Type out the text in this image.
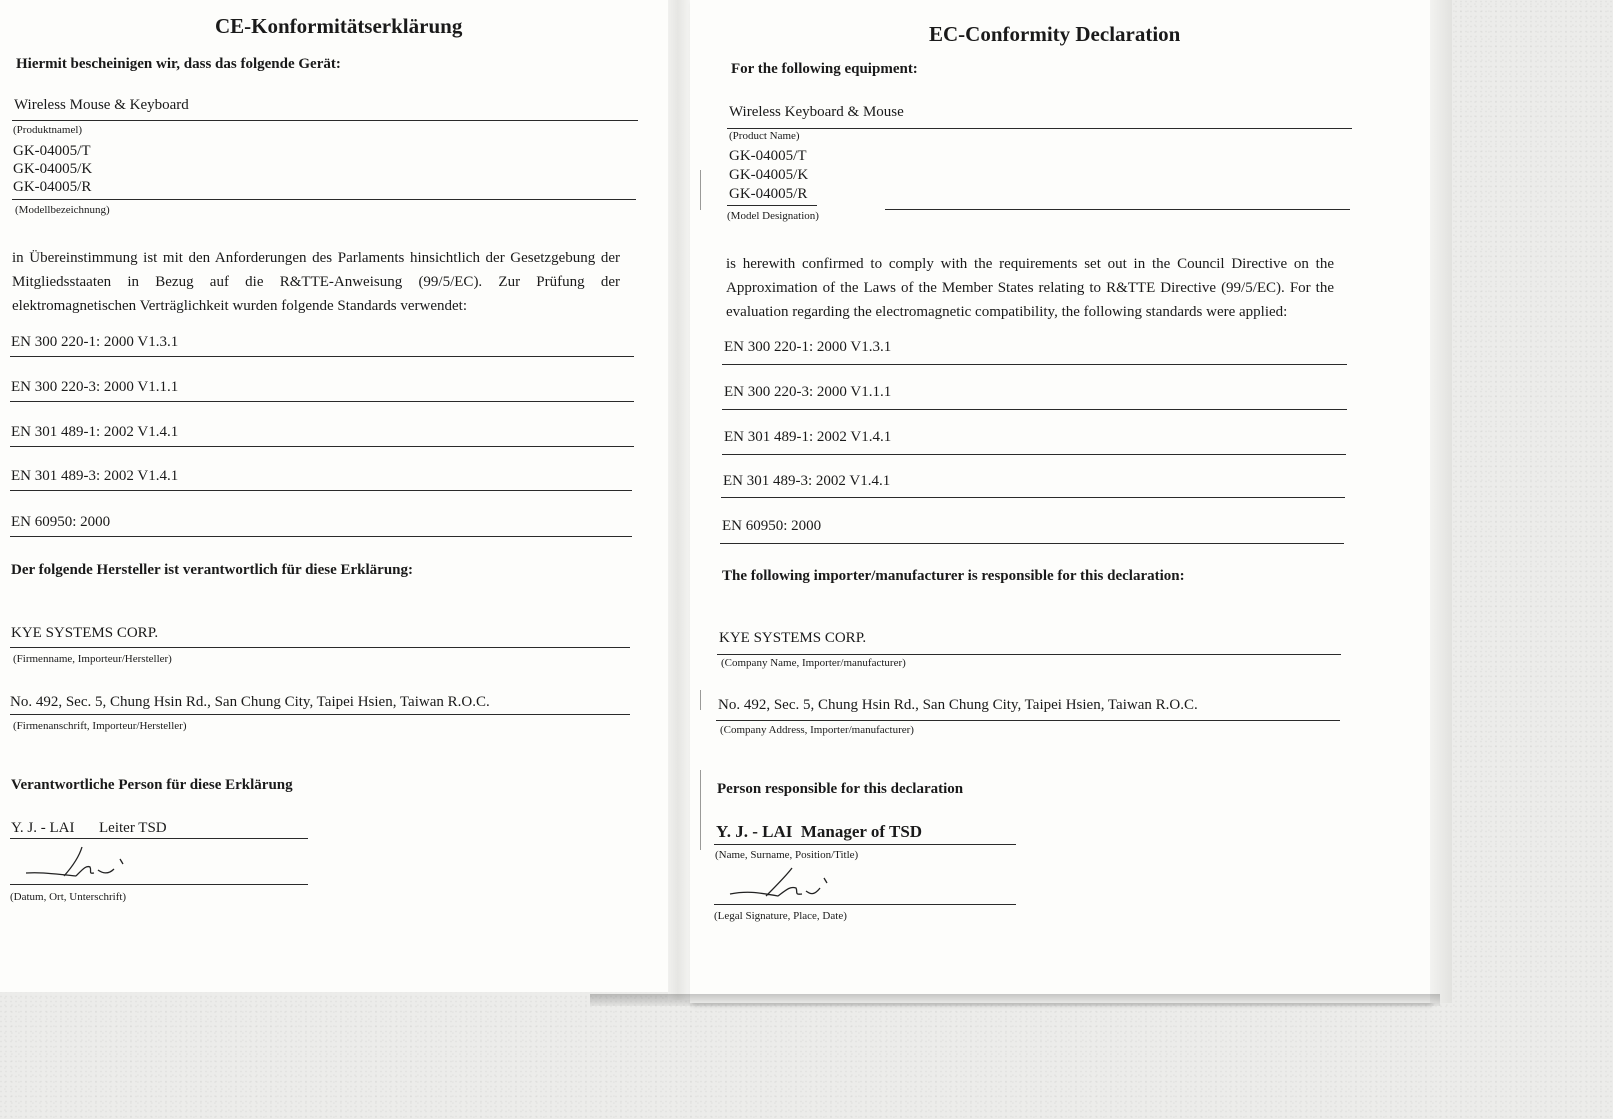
CE-Konformitätserklärung
Hiermit bescheinigen wir, dass das folgende Gerät:
Wireless Mouse & Keyboard
(Produktnamel)
GK-04005/T
GK-04005/K
GK-04005/R
(Modellbezeichnung)
in Übereinstimmung ist mit den Anforderungen des Parlaments hinsichtlich der Gesetzgebung der Mitgliedsstaaten in Bezug auf die R&TTE-Anweisung (99/5/EC). Zur Prüfung der elektromagnetischen Verträglichkeit wurden folgende Standards verwendet:
EN 300 220-1: 2000 V1.3.1
EN 300 220-3: 2000 V1.1.1
EN 301 489-1: 2002 V1.4.1
EN 301 489-3: 2002 V1.4.1
EN 60950: 2000
Der folgende Hersteller ist verantwortlich für diese Erklärung:
KYE SYSTEMS CORP.
(Firmenname, Importeur/Hersteller)
No. 492, Sec. 5, Chung Hsin Rd., San Chung City, Taipei Hsien, Taiwan R.O.C.
(Firmenanschrift, Importeur/Hersteller)
Verantwortliche Person für diese Erklärung
Y. J. - LAI Leiter TSD
(Datum, Ort, Unterschrift)
EC-Conformity Declaration
For the following equipment:
Wireless Keyboard & Mouse
(Product Name)
GK-04005/T
GK-04005/K
GK-04005/R
(Model Designation)
is herewith confirmed to comply with the requirements set out in the Council Directive on the Approximation of the Laws of the Member States relating to R&TTE Directive (99/5/EC). For the evaluation regarding the electromagnetic compatibility, the following standards were applied:
EN 300 220-1: 2000 V1.3.1
EN 300 220-3: 2000 V1.1.1
EN 301 489-1: 2002 V1.4.1
EN 301 489-3: 2002 V1.4.1
EN 60950: 2000
The following importer/manufacturer is responsible for this declaration:
KYE SYSTEMS CORP.
(Company Name, Importer/manufacturer)
No. 492, Sec. 5, Chung Hsin Rd., San Chung City, Taipei Hsien, Taiwan R.O.C.
(Company Address, Importer/manufacturer)
Person responsible for this declaration
Y. J. - LAI  Manager of TSD
(Name, Surname, Position/Title)
(Legal Signature, Place, Date)
